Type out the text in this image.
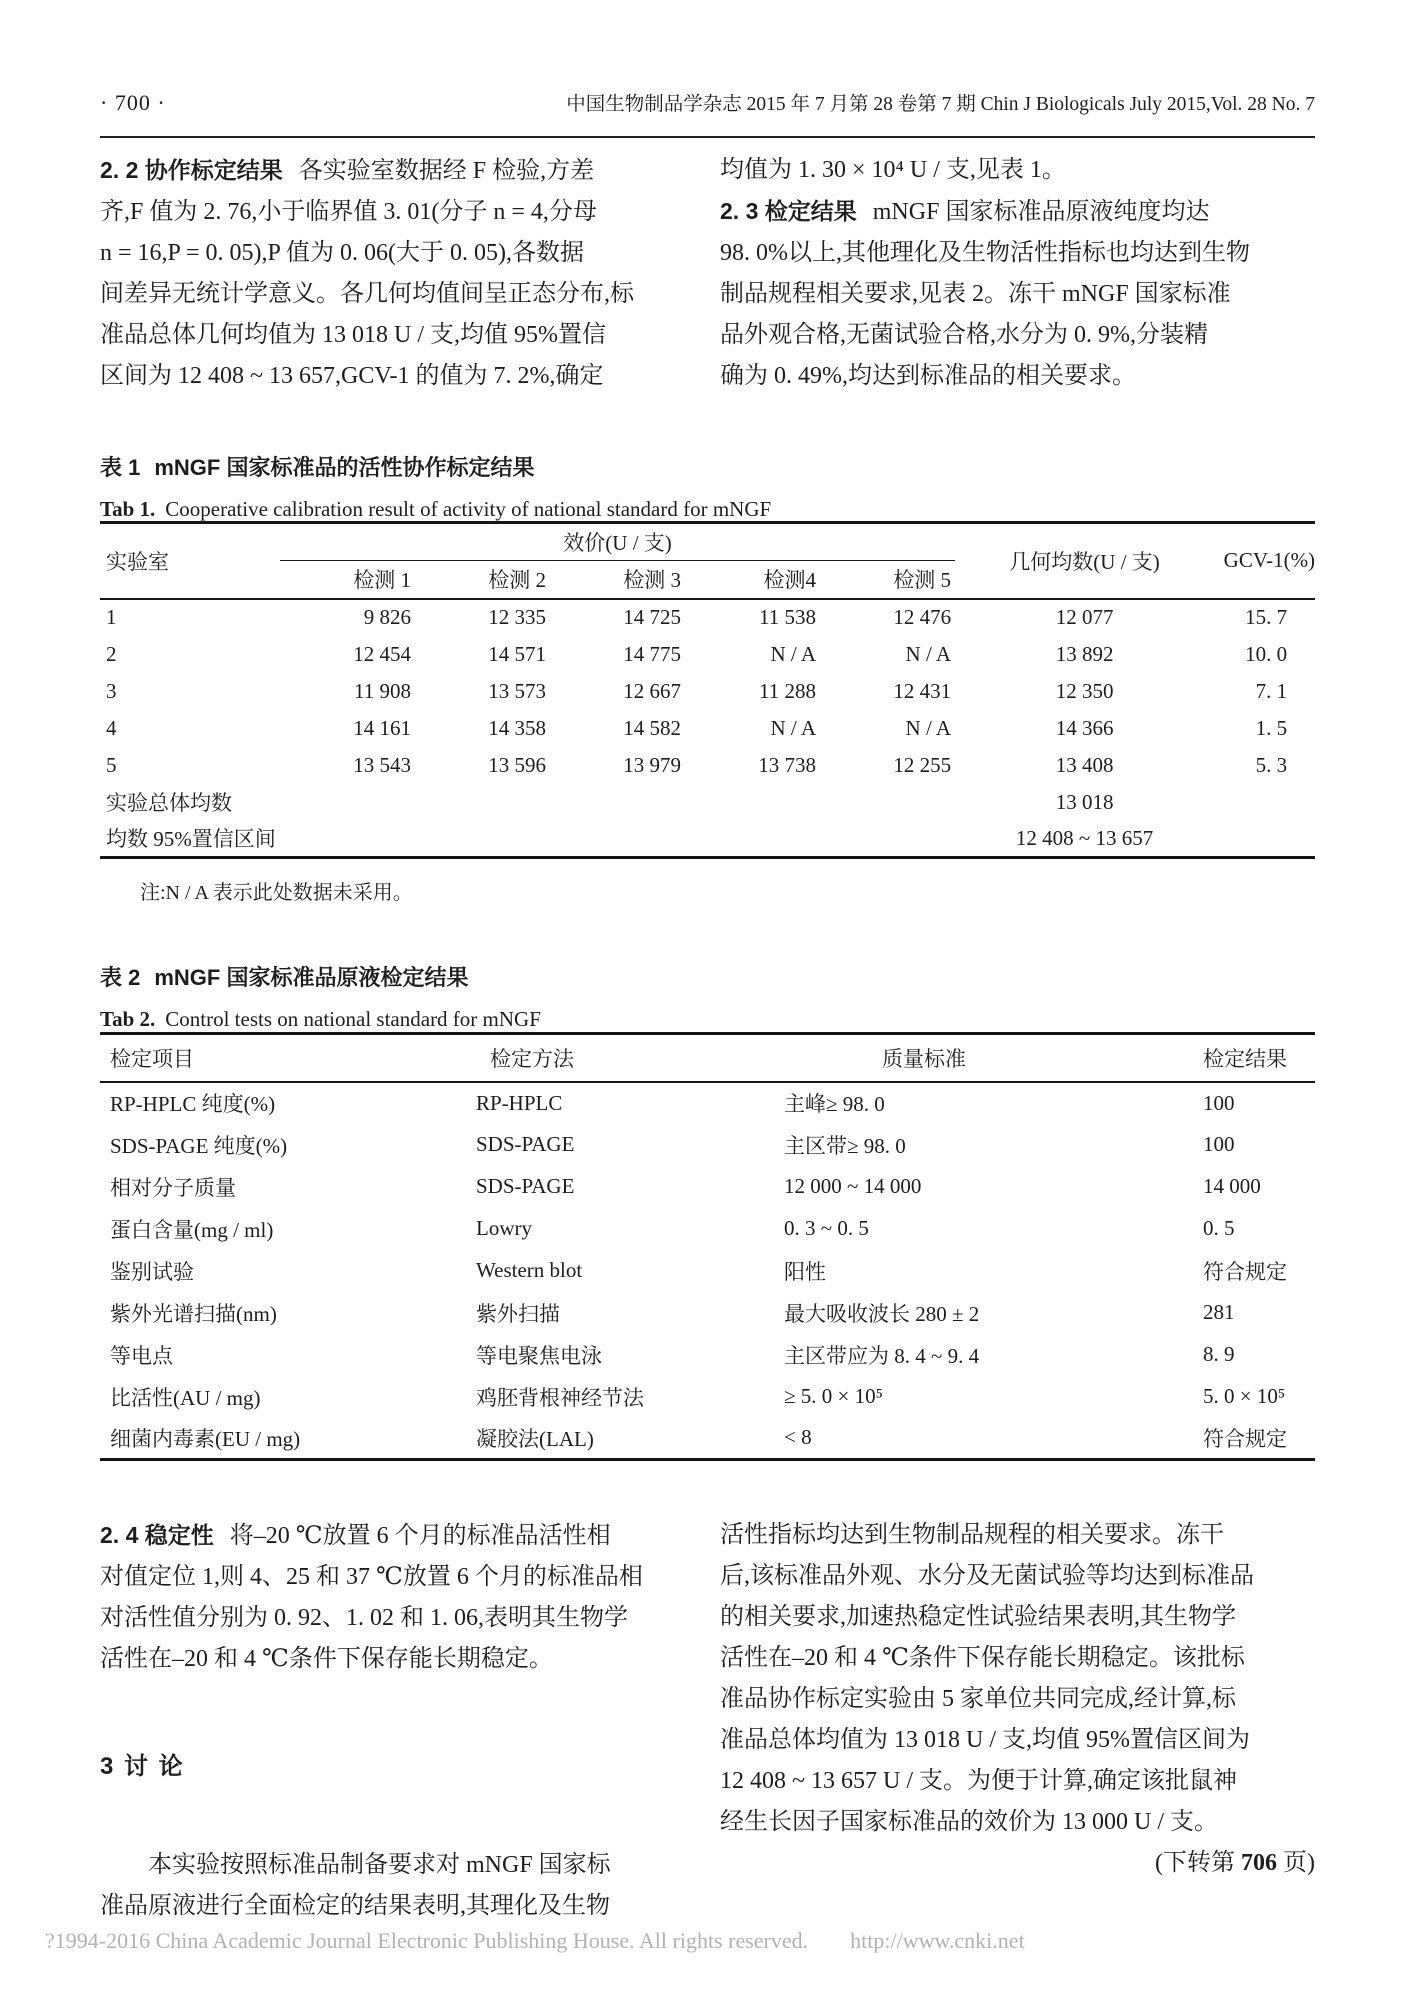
· 700 ·	中国生物制品学杂志 2015 年 7 月第 28 卷第 7 期 Chin J Biologicals July 2015,Vol. 28 No. 7
2. 2 协作标定结果 各实验室数据经 F 检验,方差
齐,F 值为 2. 76,小于临界值 3. 01(分子 n = 4,分母
n = 16,P = 0. 05),P 值为 0. 06(大于 0. 05),各数据
间差异无统计学意义。各几何均值间呈正态分布,标
准品总体几何均值为 13 018 U / 支,均值 95%置信
区间为 12 408 ~ 13 657,GCV-1 的值为 7. 2%,确定
均值为 1. 30 × 10⁴ U / 支,见表 1。
2. 3 检定结果 mNGF 国家标准品原液纯度均达
98. 0%以上,其他理化及生物活性指标也均达到生物
制品规程相关要求,见表 2。冻干 mNGF 国家标准
品外观合格,无菌试验合格,水分为 0. 9%,分装精
确为 0. 49%,均达到标准品的相关要求。
表 1 mNGF 国家标准品的活性协作标定结果
Tab 1. Cooperative calibration result of activity of national standard for mNGF
实验室	效价(U / 支)					几何均数(U / 支)	GCV-1(%)
	检测 1	检测 2	检测 3	检测4	检测 5		
1	9 826	12 335	14 725	11 538	12 476	12 077	15. 7
2	12 454	14 571	14 775	N / A	N / A	13 892	10. 0
3	11 908	13 573	12 667	11 288	12 431	12 350	7. 1
4	14 161	14 358	14 582	N / A	N / A	14 366	1. 5
5	13 543	13 596	13 979	13 738	12 255	13 408	5. 3
实验总体均数						13 018	
均数 95%置信区间						12 408 ~ 13 657	
注:N / A 表示此处数据未采用。
表 2 mNGF 国家标准品原液检定结果
Tab 2. Control tests on national standard for mNGF
检定项目	检定方法	质量标准	检定结果
RP-HPLC 纯度(%)	RP-HPLC	主峰≥ 98. 0	100
SDS-PAGE 纯度(%)	SDS-PAGE	主区带≥ 98. 0	100
相对分子质量	SDS-PAGE	12 000 ~ 14 000	14 000
蛋白含量(mg / ml)	Lowry	0. 3 ~ 0. 5	0. 5
鉴别试验	Western blot	阳性	符合规定
紫外光谱扫描(nm)	紫外扫描	最大吸收波长 280 ± 2	281
等电点	等电聚焦电泳	主区带应为 8. 4 ~ 9. 4	8. 9
比活性(AU / mg)	鸡胚背根神经节法	≥ 5. 0 × 10⁵	5. 0 × 10⁵
细菌内毒素(EU / mg)	凝胶法(LAL)	< 8	符合规定
2. 4 稳定性 将–20 ℃放置 6 个月的标准品活性相
对值定位 1,则 4、25 和 37 ℃放置 6 个月的标准品相
对活性值分别为 0. 92、1. 02 和 1. 06,表明其生物学
活性在–20 和 4 ℃条件下保存能长期稳定。
3 讨 论
本实验按照标准品制备要求对 mNGF 国家标
准品原液进行全面检定的结果表明,其理化及生物
活性指标均达到生物制品规程的相关要求。冻干
后,该标准品外观、水分及无菌试验等均达到标准品
的相关要求,加速热稳定性试验结果表明,其生物学
活性在–20 和 4 ℃条件下保存能长期稳定。该批标
准品协作标定实验由 5 家单位共同完成,经计算,标
准品总体均值为 13 018 U / 支,均值 95%置信区间为
12 408 ~ 13 657 U / 支。为便于计算,确定该批鼠神
经生长因子国家标准品的效价为 13 000 U / 支。
(下转第 706 页)
?1994-2016 China Academic Journal Electronic Publishing House. All rights reserved. http://www.cnki.net
